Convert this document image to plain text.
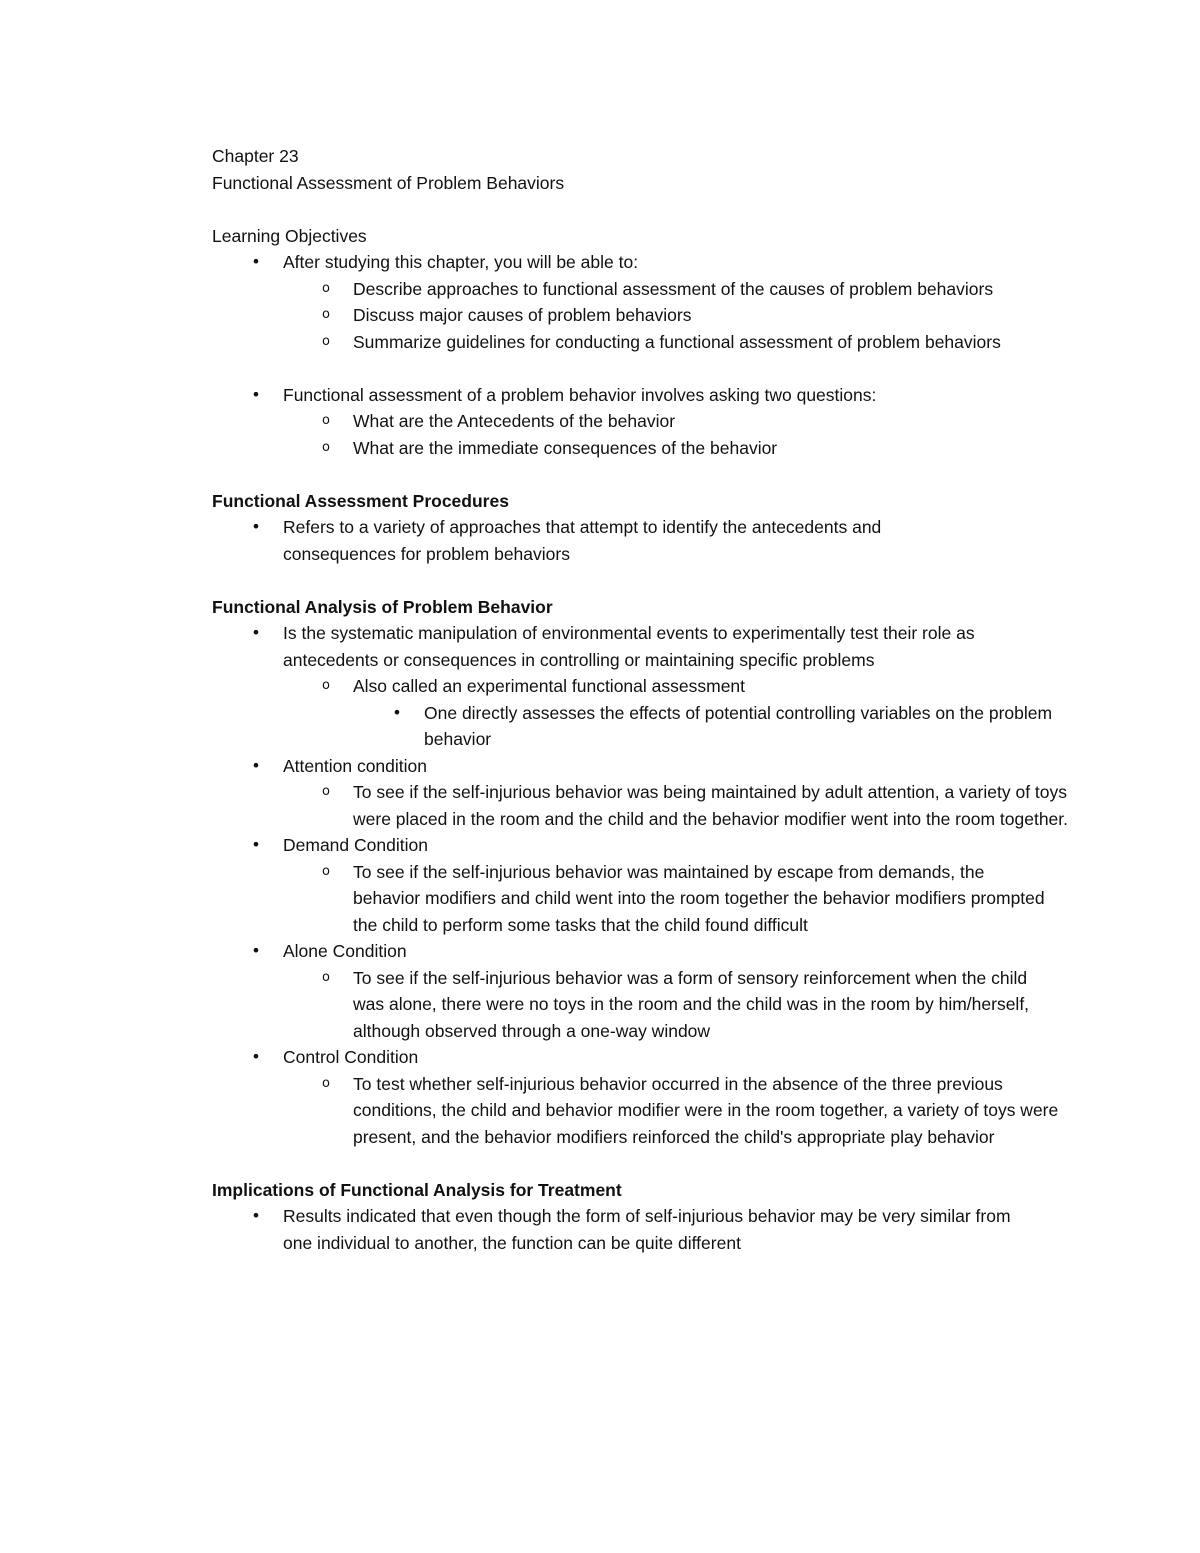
Chapter 23
Functional Assessment of Problem Behaviors
Learning Objectives
•	After studying this chapter, you will be able to:
o	Describe approaches to functional assessment of the causes of problem behaviors
o	Discuss major causes of problem behaviors
o	Summarize guidelines for conducting a functional assessment of problem behaviors
•	Functional assessment of a problem behavior involves asking two questions:
o	What are the Antecedents of the behavior
o	What are the immediate consequences of the behavior
Functional Assessment Procedures
•	Refers to a variety of approaches that attempt to identify the antecedents and consequences for problem behaviors
Functional Analysis of Problem Behavior
•	Is the systematic manipulation of environmental events to experimentally test their role as antecedents or consequences in controlling or maintaining specific problems
o	Also called an experimental functional assessment
•	One directly assesses the effects of potential controlling variables on the problem behavior
•	Attention condition
o	To see if the self-injurious behavior was being maintained by adult attention, a variety of toys were placed in the room and the child and the behavior modifier went into the room together.
•	Demand Condition
o	To see if the self-injurious behavior was maintained by escape from demands, the behavior modifiers and child went into the room together the behavior modifiers prompted the child to perform some tasks that the child found difficult
•	Alone Condition
o	To see if the self-injurious behavior was a form of sensory reinforcement when the child was alone, there were no toys in the room and the child was in the room by him/herself, although observed through a one-way window
•	Control Condition
o	To test whether self-injurious behavior occurred in the absence of the three previous conditions, the child and behavior modifier were in the room together, a variety of toys were present, and the behavior modifiers reinforced the child's appropriate play behavior
Implications of Functional Analysis for Treatment
•	Results indicated that even though the form of self-injurious behavior may be very similar from one individual to another, the function can be quite different
